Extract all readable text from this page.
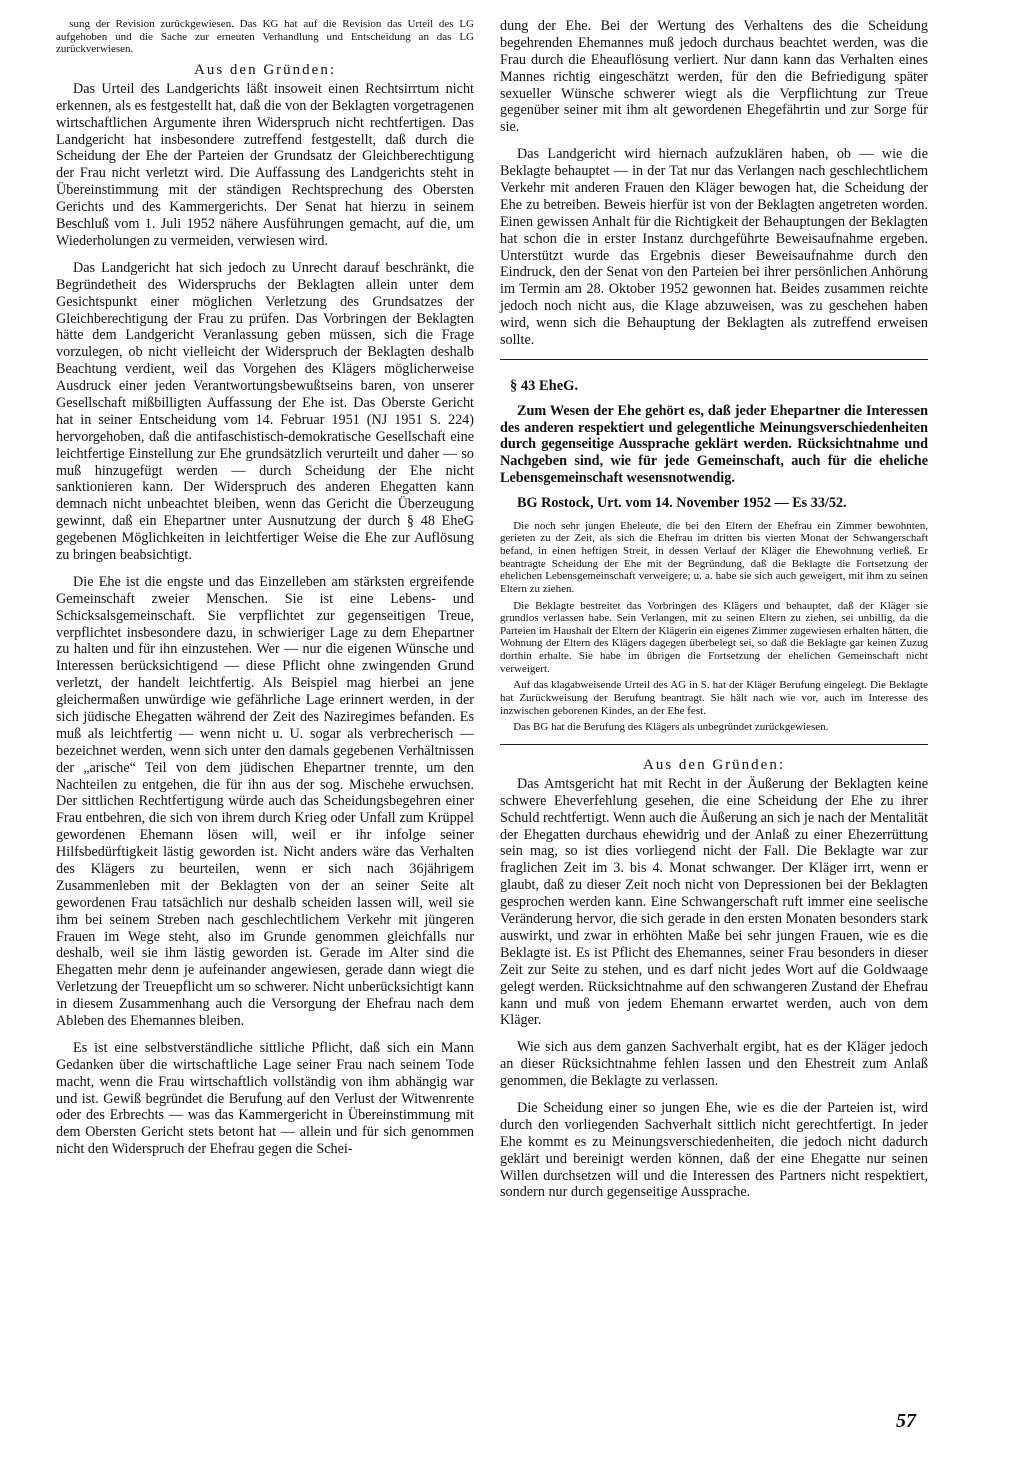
sung der Revision zurückgewiesen. Das KG hat auf die Revision das Urteil des LG aufgehoben und die Sache zur erneuten Verhandlung und Entscheidung an das LG zurückverwiesen.

Aus den Gründen:

Das Urteil des Landgerichts läßt insoweit einen Rechtsirrtum nicht erkennen, als es festgestellt hat, daß die von der Beklagten vorgetragenen wirtschaftlichen Argumente ihren Widerspruch nicht rechtfertigen. Das Landgericht hat insbesondere zutreffend festgestellt, daß durch die Scheidung der Ehe der Parteien der Grundsatz der Gleichberechtigung der Frau nicht verletzt wird. Die Auffassung des Landgerichts steht in Übereinstimmung mit der ständigen Rechtsprechung des Obersten Gerichts und des Kammergerichts. Der Senat hat hierzu in seinem Beschluß vom 1. Juli 1952 nähere Ausführungen gemacht, auf die, um Wiederholungen zu vermeiden, verwiesen wird.

Das Landgericht hat sich jedoch zu Unrecht darauf beschränkt, die Begründetheit des Widerspruchs der Beklagten allein unter dem Gesichtspunkt einer möglichen Verletzung des Grundsatzes der Gleichberechtigung der Frau zu prüfen. Das Vorbringen der Beklagten hätte dem Landgericht Veranlassung geben müssen, sich die Frage vorzulegen, ob nicht vielleicht der Widerspruch der Beklagten deshalb Beachtung verdient, weil das Vorgehen des Klägers möglicherweise Ausdruck einer jeden Verantwortungsbewußtseins baren, von unserer Gesellschaft mißbilligten Auffassung der Ehe ist. Das Oberste Gericht hat in seiner Entscheidung vom 14. Februar 1951 (NJ 1951 S. 224) hervorgehoben, daß die antifaschistisch-demokratische Gesellschaft eine leichtfertige Einstellung zur Ehe grundsätzlich verurteilt und daher — so muß hinzugefügt werden — durch Scheidung der Ehe nicht sanktionieren kann. Der Widerspruch des anderen Ehegatten kann demnach nicht unbeachtet bleiben, wenn das Gericht die Überzeugung gewinnt, daß ein Ehepartner unter Ausnutzung der durch § 48 EheG gegebenen Möglichkeiten in leichtfertiger Weise die Ehe zur Auflösung zu bringen beabsichtigt.

Die Ehe ist die engste und das Einzelleben am stärksten ergreifende Gemeinschaft zweier Menschen. Sie ist eine Lebens- und Schicksalsgemeinschaft. Sie verpflichtet zur gegenseitigen Treue, verpflichtet insbesondere dazu, in schwieriger Lage zu dem Ehepartner zu halten und für ihn einzustehen. Wer — nur die eigenen Wünsche und Interessen berücksichtigend — diese Pflicht ohne zwingenden Grund verletzt, der handelt leichtfertig. Als Beispiel mag hierbei an jene gleichermaßen unwürdige wie gefährliche Lage erinnert werden, in der sich jüdische Ehegatten während der Zeit des Naziregimes befanden. Es muß als leichtfertig — wenn nicht u. U. sogar als verbrecherisch — bezeichnet werden, wenn sich unter den damals gegebenen Verhältnissen der „arische“ Teil von dem jüdischen Ehepartner trennte, um den Nachteilen zu entgehen, die für ihn aus der sog. Mischehe erwuchsen. Der sittlichen Rechtfertigung würde auch das Scheidungsbegehren einer Frau entbehren, die sich von ihrem durch Krieg oder Unfall zum Krüppel gewordenen Ehemann lösen will, weil er ihr infolge seiner Hilfsbedürftigkeit lästig geworden ist. Nicht anders wäre das Verhalten des Klägers zu beurteilen, wenn er sich nach 36jährigem Zusammenleben mit der Beklagten von der an seiner Seite alt gewordenen Frau tatsächlich nur deshalb scheiden lassen will, weil sie ihm bei seinem Streben nach geschlechtlichem Verkehr mit jüngeren Frauen im Wege steht, also im Grunde genommen gleichfalls nur deshalb, weil sie ihm lästig geworden ist. Gerade im Alter sind die Ehegatten mehr denn je aufeinander angewiesen, gerade dann wiegt die Verletzung der Treuepflicht um so schwerer. Nicht unberücksichtigt kann in diesem Zusammenhang auch die Versorgung der Ehefrau nach dem Ableben des Ehemannes bleiben.

Es ist eine selbstverständliche sittliche Pflicht, daß sich ein Mann Gedanken über die wirtschaftliche Lage seiner Frau nach seinem Tode macht, wenn die Frau wirtschaftlich vollständig von ihm abhängig war und ist. Gewiß begründet die Berufung auf den Verlust der Witwenrente oder des Erbrechts — was das Kammergericht in Übereinstimmung mit dem Obersten Gericht stets betont hat — allein und für sich genommen nicht den Widerspruch der Ehefrau gegen die Schei-

dung der Ehe. Bei der Wertung des Verhaltens des die Scheidung begehrenden Ehemannes muß jedoch durchaus beachtet werden, was die Frau durch die Eheauflösung verliert. Nur dann kann das Verhalten eines Mannes richtig eingeschätzt werden, für den die Befriedigung später sexueller Wünsche schwerer wiegt als die Verpflichtung zur Treue gegenüber seiner mit ihm alt gewordenen Ehegefährtin und zur Sorge für sie.

Das Landgericht wird hiernach aufzuklären haben, ob — wie die Beklagte behauptet — in der Tat nur das Verlangen nach geschlechtlichem Verkehr mit anderen Frauen den Kläger bewogen hat, die Scheidung der Ehe zu betreiben. Beweis hierfür ist von der Beklagten angetreten worden. Einen gewissen Anhalt für die Richtigkeit der Behauptungen der Beklagten hat schon die in erster Instanz durchgeführte Beweisaufnahme ergeben. Unterstützt wurde das Ergebnis dieser Beweisaufnahme durch den Eindruck, den der Senat von den Parteien bei ihrer persönlichen Anhörung im Termin am 28. Oktober 1952 gewonnen hat. Beides zusammen reichte jedoch noch nicht aus, die Klage abzuweisen, was zu geschehen haben wird, wenn sich die Behauptung der Beklagten als zutreffend erweisen sollte.

§ 43 EheG.

Zum Wesen der Ehe gehört es, daß jeder Ehepartner die Interessen des anderen respektiert und gelegentliche Meinungsverschiedenheiten durch gegenseitige Aussprache geklärt werden. Rücksichtnahme und Nachgeben sind, wie für jede Gemeinschaft, auch für die eheliche Lebensgemeinschaft wesensnotwendig.

BG Rostock, Urt. vom 14. November 1952 — Es 33/52.

Die noch sehr jungen Eheleute, die bei den Eltern der Ehefrau ein Zimmer bewohnten, gerieten zu der Zeit, als sich die Ehefrau im dritten bis vierten Monat der Schwangerschaft befand, in einen heftigen Streit, in dessen Verlauf der Kläger die Ehewohnung verließ. Er beantragte Scheidung der Ehe mit der Begründung, daß die Beklagte die Fortsetzung der ehelichen Lebensgemeinschaft verweigere; u. a. habe sie sich auch geweigert, mit ihm zu seinen Eltern zu ziehen.

Die Beklagte bestreitet das Vorbringen des Klägers und behauptet, daß der Kläger sie grundlos verlassen habe. Sein Verlangen, mit zu seinen Eltern zu ziehen, sei unbillig, da die Parteien im Haushalt der Eltern der Klägerin ein eigenes Zimmer zugewiesen erhalten hätten, die Wohnung der Eltern des Klägers dagegen überbelegt sei, so daß die Beklagte gar keinen Zuzug dorthin erhalte. Sie habe im übrigen die Fortsetzung der ehelichen Gemeinschaft nicht verweigert.

Auf das klagabweisende Urteil des AG in S. hat der Kläger Berufung eingelegt. Die Beklagte hat Zurückweisung der Berufung beantragt. Sie hält nach wie vor, auch im Interesse des inzwischen geborenen Kindes, an der Ehe fest.

Das BG hat die Berufung des Klägers als unbegründet zurückgewiesen.

Aus den Gründen:

Das Amtsgericht hat mit Recht in der Äußerung der Beklagten keine schwere Eheverfehlung gesehen, die eine Scheidung der Ehe zu ihrer Schuld rechtfertigt. Wenn auch die Äußerung an sich je nach der Mentalität der Ehegatten durchaus ehewidrig und der Anlaß zu einer Ehezerrüttung sein mag, so ist dies vorliegend nicht der Fall. Die Beklagte war zur fraglichen Zeit im 3. bis 4. Monat schwanger. Der Kläger irrt, wenn er glaubt, daß zu dieser Zeit noch nicht von Depressionen bei der Beklagten gesprochen werden kann. Eine Schwangerschaft ruft immer eine seelische Veränderung hervor, die sich gerade in den ersten Monaten besonders stark auswirkt, und zwar in erhöhten Maße bei sehr jungen Frauen, wie es die Beklagte ist. Es ist Pflicht des Ehemannes, seiner Frau besonders in dieser Zeit zur Seite zu stehen, und es darf nicht jedes Wort auf die Goldwaage gelegt werden. Rücksichtnahme auf den schwangeren Zustand der Ehefrau kann und muß von jedem Ehemann erwartet werden, auch von dem Kläger.

Wie sich aus dem ganzen Sachverhalt ergibt, hat es der Kläger jedoch an dieser Rücksichtnahme fehlen lassen und den Ehestreit zum Anlaß genommen, die Beklagte zu verlassen.

Die Scheidung einer so jungen Ehe, wie es die der Parteien ist, wird durch den vorliegenden Sachverhalt sittlich nicht gerechtfertigt. In jeder Ehe kommt es zu Meinungsverschiedenheiten, die jedoch nicht dadurch geklärt und bereinigt werden können, daß der eine Ehegatte nur seinen Willen durchsetzen will und die Interessen des Partners nicht respektiert, sondern nur durch gegenseitige Aussprache.

57
